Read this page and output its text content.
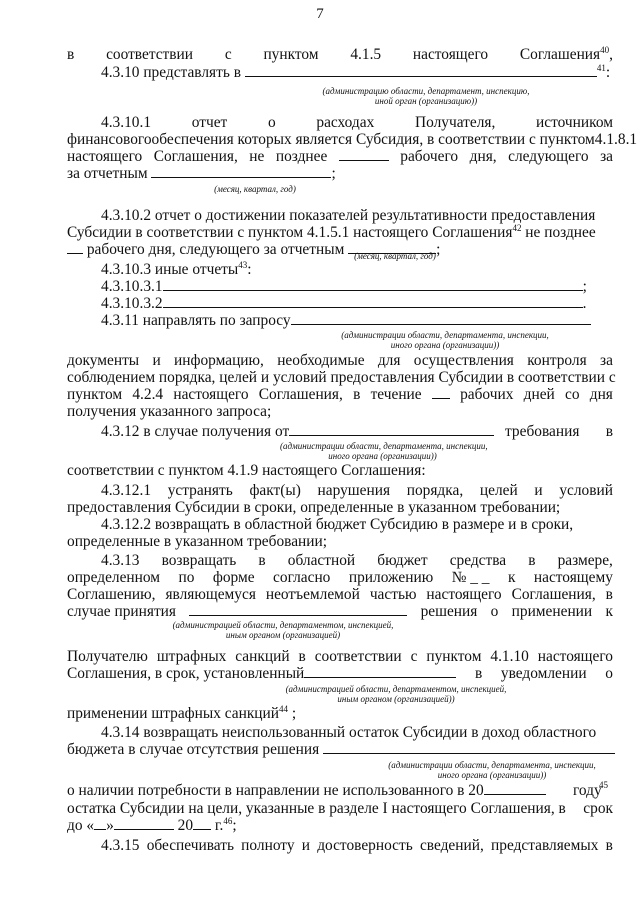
7
в соответствии с пунктом 4.1.5 настоящего Соглашения$^{40}$,
4.3.10 представлять в	$^{41}$:
(администрацию области, департамент, инспекцию,
иной орган (организацию))
4.3.10.1	отчет	о	расходах	Получателя,	источником
финансового обеспечения которых является Субсидия, в соответствии с пунктом 4.1.8.1
настоящего Соглашения, не позднее	рабочего дня, следующего за
за отчетным	;
(месяц, квартал, год)
4.3.10.2 отчет о достижении показателей результативности предоставления
Субсидии в соответствии с пунктом 4.1.5.1 настоящего Соглашения$^{42}$ не позднее
рабочего дня, следующего за отчетным	;
(месяц, квартал, год)
4.3.10.3 иные отчеты$^{43}$:
4.3.10.3.1	;
4.3.10.3.2	.
4.3.11 направлять по запросу
(администрации области, департамента, инспекции,
иного органа (организации))
документы и информацию, необходимые для осуществления контроля за
соблюдением порядка, целей и условий предоставления Субсидии в соответствии с
пунктом 4.2.4 настоящего Соглашения, в течение рабочих дней со дня
получения указанного запроса;
4.3.12 в случае получения от	требования в
(администрации области, департамента, инспекции,
иного органа (организации))
соответствии с пунктом 4.1.9 настоящего Соглашения:
4.3.12.1 устранять факт(ы) нарушения порядка, целей и условий
предоставления Субсидии в сроки, определенные в указанном требовании;
4.3.12.2 возвращать в областной бюджет Субсидию в размере и в сроки,
определенные в указанном требовании;
4.3.13 возвращать в областной бюджет средства в размере,
определенном по форме согласно приложению № _ _ к настоящему
Соглашению, являющемуся неотъемлемой частью настоящего Соглашения, в
случае принятия	решения о применении к
(администрацией области, департаментом, инспекцией,
иным органом (организацией)
Получателю штрафных санкций в соответствии с пунктом 4.1.10 настоящего
Соглашения, в срок, установленный	в уведомлении о
(администрацией области, департаментом, инспекцией,
иным органом (организацией))
применении штрафных санкций$^{44}$ ;
4.3.14 возвращать неиспользованный остаток Субсидии в доход областного
бюджета в случае отсутствия решения
(администрации области, департамента, инспекции,
иного органа (организации))
о наличии потребности в направлении не использованного в 20	году
45
остатка Субсидии на цели, указанные в разделе I настоящего Соглашения, в срок
до « »	20 г.$^{46}$;
4.3.15 обеспечивать полноту и достоверность сведений, представляемых в
